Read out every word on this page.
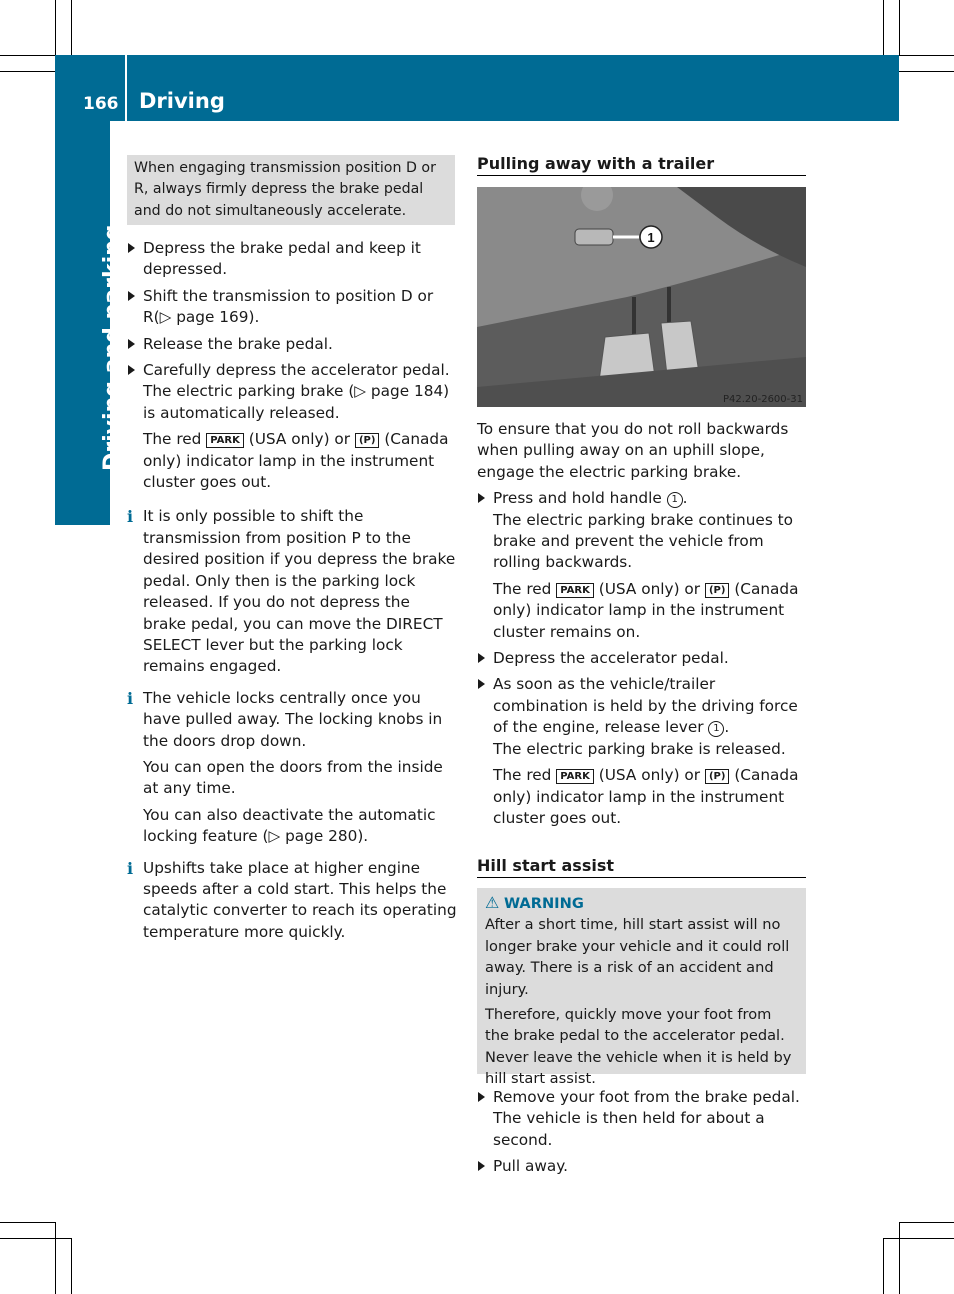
166 Driving
Driving and parking

When engaging transmission position D or R, always firmly depress the brake pedal and do not simultaneously accelerate.

Depress the brake pedal and keep it depressed.

Shift the transmission to position D or R(▷ page 169).

Release the brake pedal.

Carefully depress the accelerator pedal. The electric parking brake (▷ page 184) is automatically released.

The red PARK (USA only) or (P) (Canada only) indicator lamp in the instrument cluster goes out.

i It is only possible to shift the transmission from position P to the desired position if you depress the brake pedal. Only then is the parking lock released. If you do not depress the brake pedal, you can move the DIRECT SELECT lever but the parking lock remains engaged.

i The vehicle locks centrally once you have pulled away. The locking knobs in the doors drop down.

You can open the doors from the inside at any time.

You can also deactivate the automatic locking feature (▷ page 280).

i Upshifts take place at higher engine speeds after a cold start. This helps the catalytic converter to reach its operating temperature more quickly.

Pulling away with a trailer
1
P42.20-2600-31

To ensure that you do not roll backwards when pulling away on an uphill slope, engage the electric parking brake.

Press and hold handle 1 .

The electric parking brake continues to brake and prevent the vehicle from rolling backwards.

The red PARK (USA only) or (P) (Canada only) indicator lamp in the instrument cluster remains on.

Depress the accelerator pedal.

As soon as the vehicle/trailer combination is held by the driving force of the engine, release lever 1 .

The electric parking brake is released.

The red PARK (USA only) or (P) (Canada only) indicator lamp in the instrument cluster goes out.

Hill start assist

⚠ WARNING

After a short time, hill start assist will no longer brake your vehicle and it could roll away. There is a risk of an accident and injury.

Therefore, quickly move your foot from the brake pedal to the accelerator pedal. Never leave the vehicle when it is held by hill start assist.

Remove your foot from the brake pedal.

The vehicle is then held for about a second.

Pull away.
